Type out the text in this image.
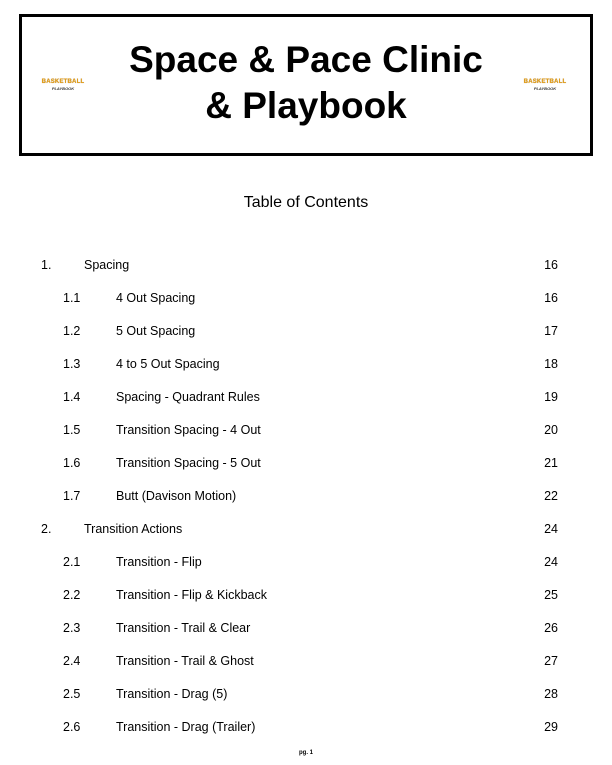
BASKETBALL
PLAYBOOK
Space & Pace Clinic
& Playbook
BASKETBALL
PLAYBOOK
Table of Contents
1.	Spacing	16
1.1	4 Out Spacing	16
1.2	5 Out Spacing	17
1.3	4 to 5 Out Spacing	18
1.4	Spacing - Quadrant Rules	19
1.5	Transition Spacing - 4 Out	20
1.6	Transition Spacing - 5 Out	21
1.7	Butt (Davison Motion)	22
2.	Transition Actions	24
2.1	Transition - Flip	24
2.2	Transition - Flip & Kickback	25
2.3	Transition - Trail & Clear	26
2.4	Transition - Trail & Ghost	27
2.5	Transition - Drag (5)	28
2.6	Transition - Drag (Trailer)	29
pg. 1
